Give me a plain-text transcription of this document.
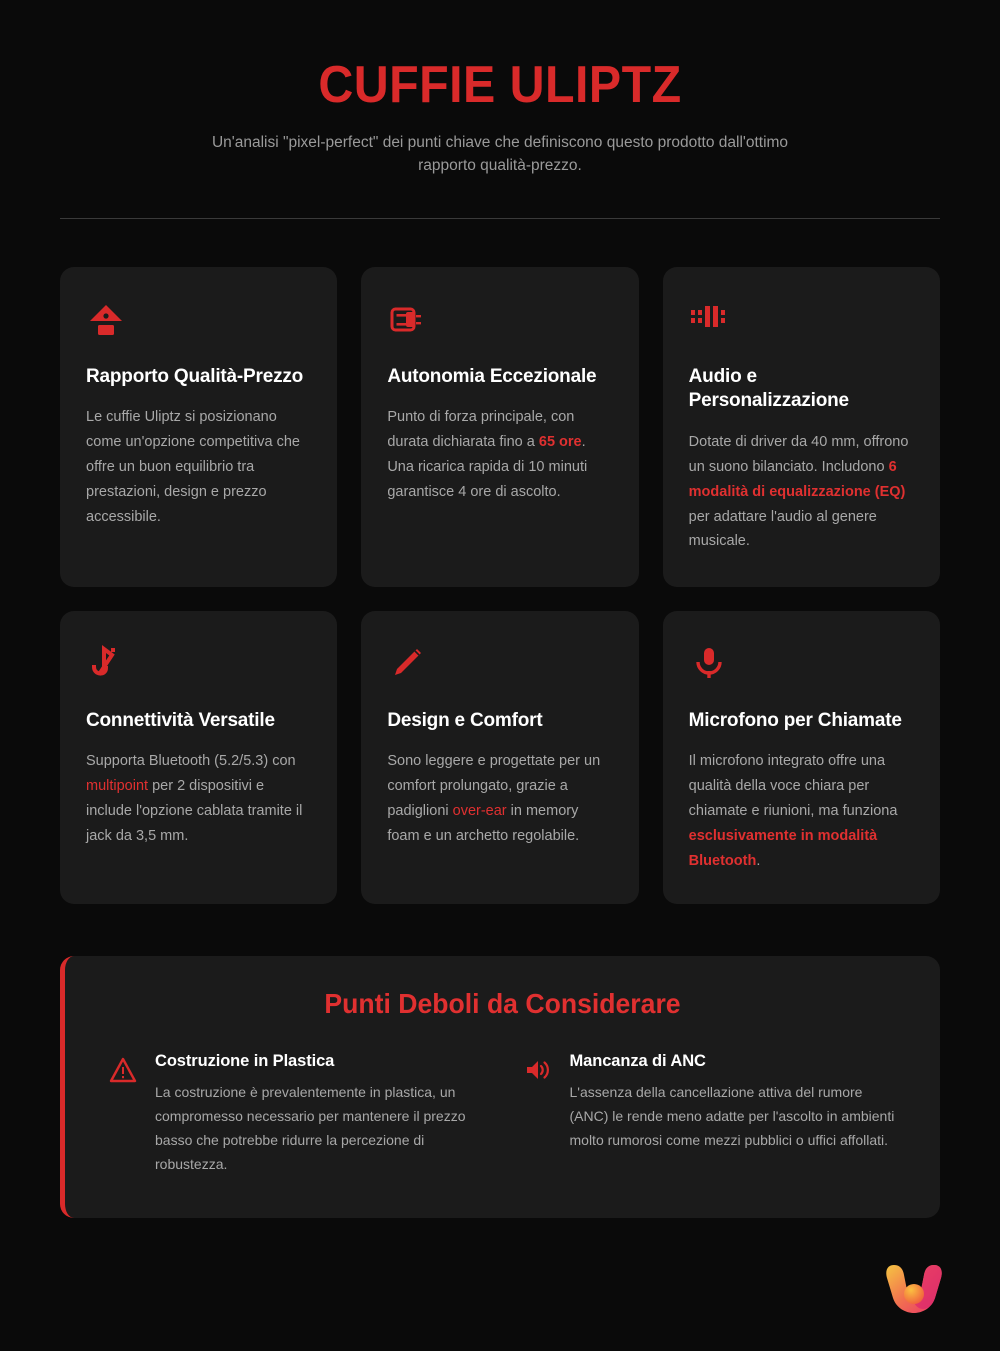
CUFFIE ULIPTZ

Un'analisi "pixel-perfect" dei punti chiave che definiscono questo prodotto dall'ottimo rapporto qualità-prezzo.

Rapporto Qualità-Prezzo
Le cuffie Uliptz si posizionano come un'opzione competitiva che offre un buon equilibrio tra prestazioni, design e prezzo accessibile.
Autonomia Eccezionale
Punto di forza principale, con durata dichiarata fino a 65 ore. Una ricarica rapida di 10 minuti garantisce 4 ore di ascolto.
Audio e Personalizzazione
Dotate di driver da 40 mm, offrono un suono bilanciato. Includono 6 modalità di equalizzazione (EQ) per adattare l'audio al genere musicale.
Connettività Versatile
Supporta Bluetooth (5.2/5.3) con multipoint per 2 dispositivi e include l'opzione cablata tramite il jack da 3,5 mm.
Design e Comfort
Sono leggere e progettate per un comfort prolungato, grazie a padiglioni over-ear in memory foam e un archetto regolabile.
Microfono per Chiamate
Il microfono integrato offre una qualità della voce chiara per chiamate e riunioni, ma funziona esclusivamente in modalità Bluetooth.
Punti Deboli da Considerare
Costruzione in Plastica
La costruzione è prevalentemente in plastica, un compromesso necessario per mantenere il prezzo basso che potrebbe ridurre la percezione di robustezza.
Mancanza di ANC
L'assenza della cancellazione attiva del rumore (ANC) le rende meno adatte per l'ascolto in ambienti molto rumorosi come mezzi pubblici o uffici affollati.
